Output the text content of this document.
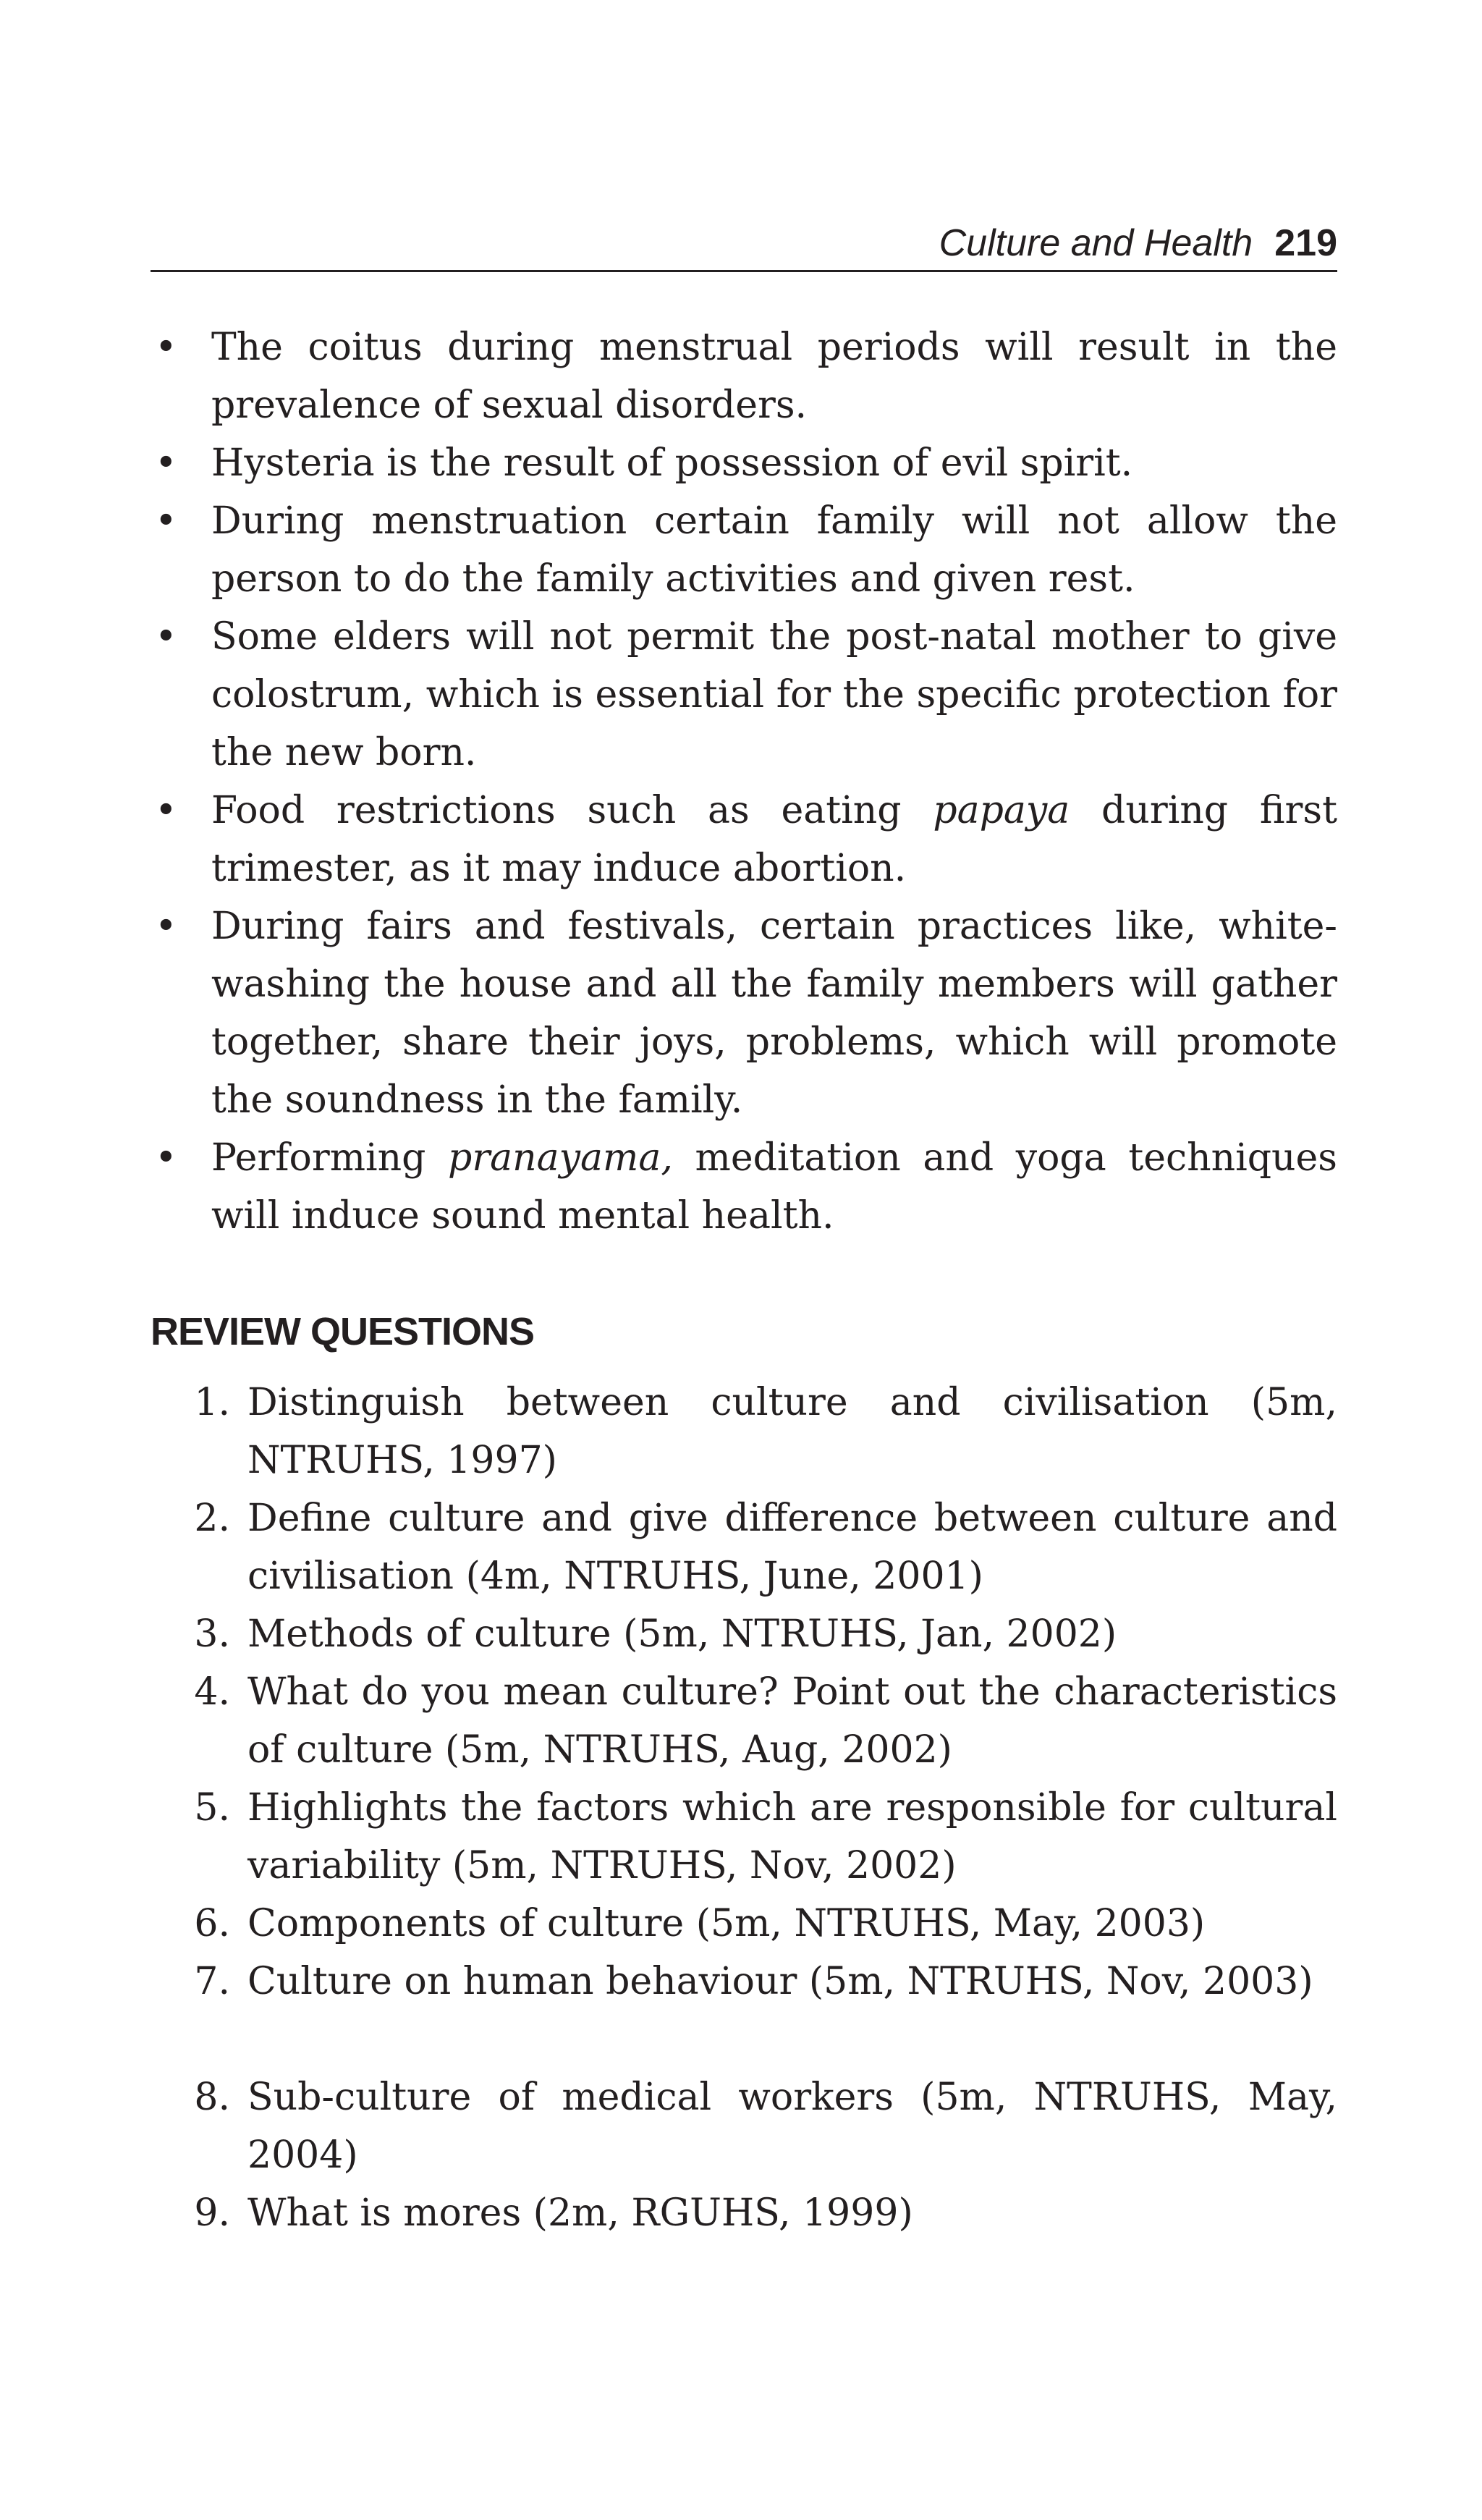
Culture and Health 219
• The coitus during menstrual periods will result in the prevalence of sexual disorders.
• Hysteria is the result of possession of evil spirit.
• During menstruation certain family will not allow the person to do the family activities and given rest.
• Some elders will not permit the post-natal mother to give colostrum, which is essential for the specific protection for the new born.
• Food restrictions such as eating papaya during first trimester, as it may induce abortion.
• During fairs and festivals, certain practices like, white-washing the house and all the family members will gather together, share their joys, problems, which will promote the soundness in the family.
• Performing pranayama, meditation and yoga techniques will induce sound mental health.
REVIEW QUESTIONS
1. Distinguish between culture and civilisation (5m, NTRUHS, 1997)
2. Define culture and give difference between culture and civilisation (4m, NTRUHS, June, 2001)
3. Methods of culture (5m, NTRUHS, Jan, 2002)
4. What do you mean culture? Point out the characteristics of culture (5m, NTRUHS, Aug, 2002)
5. Highlights the factors which are responsible for cultural variability (5m, NTRUHS, Nov, 2002)
6. Components of culture (5m, NTRUHS, May, 2003)
7. Culture on human behaviour (5m, NTRUHS, Nov, 2003)
8. Sub-culture of medical workers (5m, NTRUHS, May, 2004)
9. What is mores (2m, RGUHS, 1999)
